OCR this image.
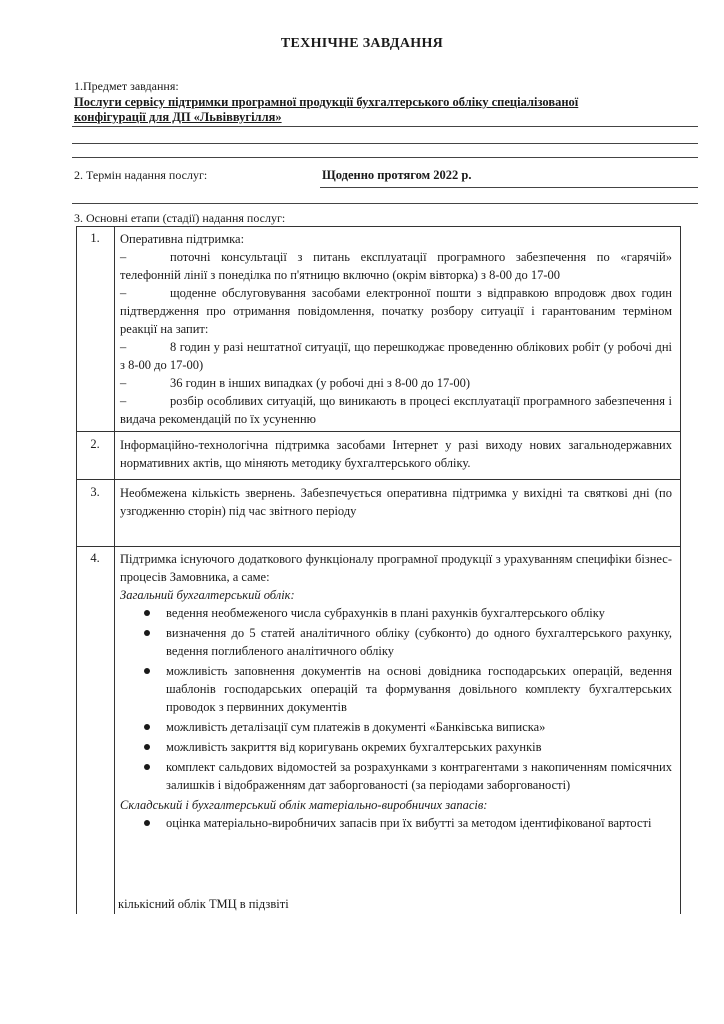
ТЕХНІЧНЕ ЗАВДАННЯ
1.Предмет завдання:
Послуги сервісу підтримки програмної продукції бухгалтерського обліку спеціалізованої
конфігурації для ДП «Львіввугілля»
2. Термін надання послуг:	Щоденно протягом 2022 р.
3. Основні етапи (стадії) надання послуг:
1.	Оперативна підтримка:
–	поточні консультації з питань експлуатації програмного забезпечення по «гарячій» телефонній лінії з понеділка по п'ятницю включно (окрім вівторка) з 8-00 до 17-00
–	щоденне обслуговування засобами електронної пошти з відправкою впродовж двох годин підтвердження про отримання повідомлення, початку розбору ситуації і гарантованим терміном реакції на запит:
–	8 годин у разі нештатної ситуації, що перешкоджає проведенню облікових робіт (у робочі дні з 8-00 до 17-00)
–	36 годин в інших випадках (у робочі дні з 8-00 до 17-00)
–	розбір особливих ситуацій, що виникають в процесі експлуатації програмного забезпечення і видача рекомендацій по їх усуненню
2.	Інформаційно-технологічна підтримка засобами Інтернет у разі виходу нових загальнодержавних нормативних актів, що міняють методику бухгалтерського обліку.
3.	Необмежена кількість звернень. Забезпечується оперативна підтримка у вихідні та святкові дні (по узгодженню сторін) під час звітного періоду
4.	Підтримка існуючого додаткового функціоналу програмної продукції з урахуванням специфіки бізнес-процесів Замовника, а саме:
Загальний бухгалтерський облік:
ведення необмеженого числа субрахунків в плані рахунків бухгалтерського обліку
визначення до 5 статей аналітичного обліку (субконто) до одного бухгалтерського рахунку, ведення поглибленого аналітичного обліку
можливість заповнення документів на основі довідника господарських операцій, ведення шаблонів господарських операцій та формування довільного комплекту бухгалтерських проводок з первинних документів
можливість деталізації сум платежів в документі «Банківська виписка»
можливість закриття від коригувань окремих бухгалтерських рахунків
комплект сальдових відомостей за розрахунками з контрагентами з накопиченням помісячних залишків і відображенням дат заборгованості (за періодами заборгованості)
Складський і бухгалтерський облік матеріально-виробничих запасів:
оцінка матеріально-виробничих запасів при їх вибутті за методом ідентифікованої вартості
кількісний облік ТМЦ в підзвіті
